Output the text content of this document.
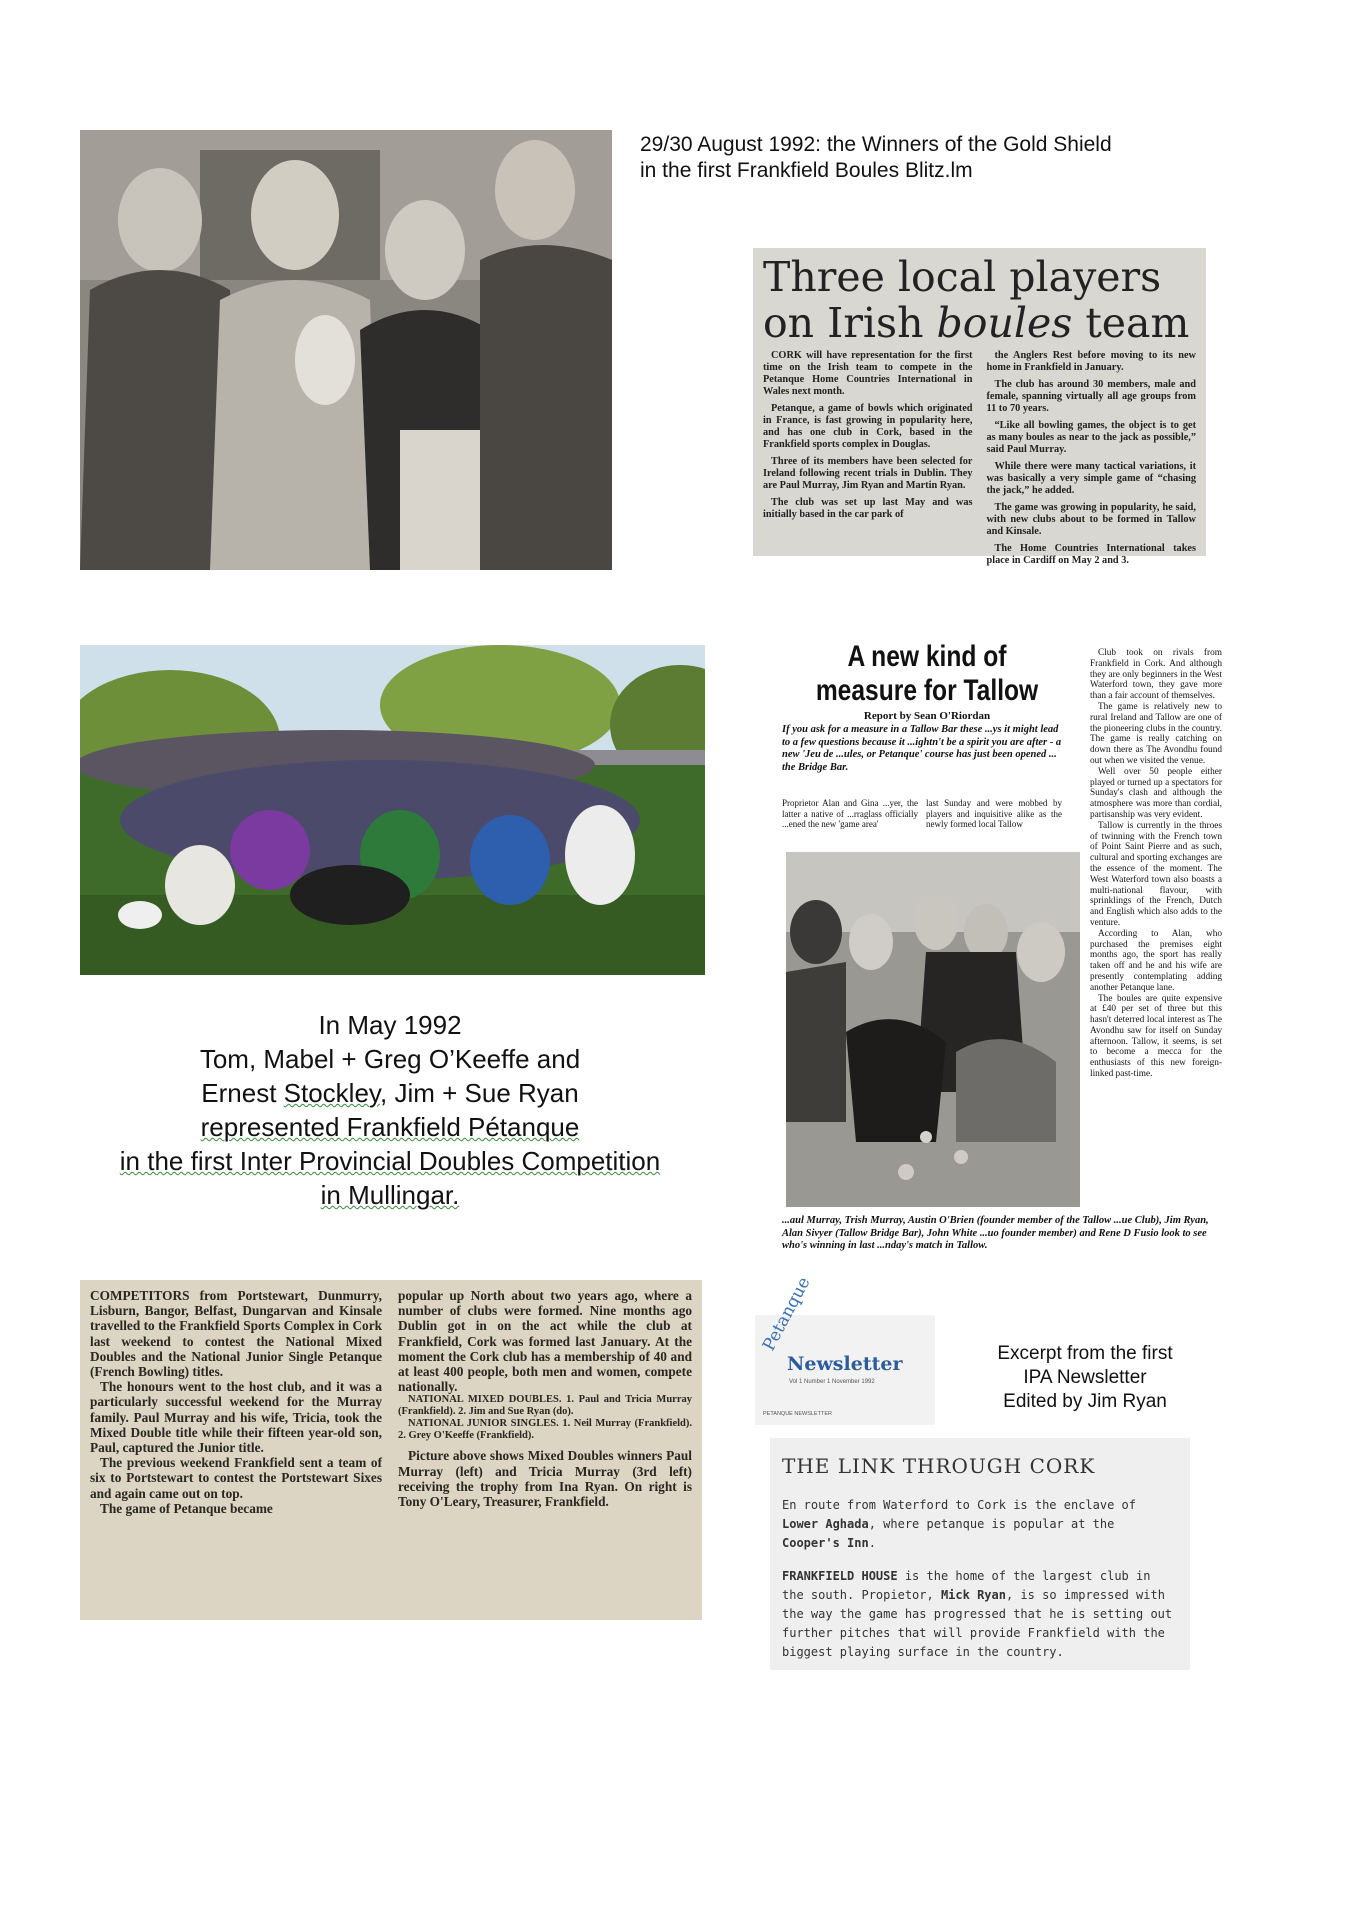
29/30 August 1992: the Winners of the Gold Shield
in the first Frankfield Boules Blitz.lm
Three local players
on Irish boules team

CORK will have representation for the first time on the Irish team to compete in the Petanque Home Countries International in Wales next month.

Petanque, a game of bowls which originated in France, is fast growing in popularity here, and has one club in Cork, based in the Frankfield sports complex in Douglas.

Three of its members have been selected for Ireland following recent trials in Dublin. They are Paul Murray, Jim Ryan and Martin Ryan.

The club was set up last May and was initially based in the car park of

the Anglers Rest before moving to its new home in Frankfield in January.

The club has around 30 members, male and female, spanning virtually all age groups from 11 to 70 years.

“Like all bowling games, the object is to get as many boules as near to the jack as possible,” said Paul Murray.

While there were many tactical variations, it was basically a very simple game of “chasing the jack,” he added.

The game was growing in popularity, he said, with new clubs about to be formed in Tallow and Kinsale.

The Home Countries International takes place in Cardiff on May 2 and 3.

A new kind of
measure for Tallow
Report by Sean O'Riordan
If you ask for a measure in a Tallow Bar these ...ys it might lead to a few questions because it ...ightn't be a spirit you are after - a new 'Jeu de ...ules, or Petanque' course has just been opened ... the Bridge Bar.
Proprietor Alan and Gina ...yer, the latter a native of ...rraglass officially ...ened the new 'game area'
last Sunday and were mobbed by players and inquisitive alike as the newly formed local Tallow

Club took on rivals from Frankfield in Cork. And although they are only beginners in the West Waterford town, they gave more than a fair account of themselves.

The game is relatively new to rural Ireland and Tallow are one of the pioneering clubs in the country. The game is really catching on down there as The Avondhu found out when we visited the venue.

Well over 50 people either played or turned up a spectators for Sunday's clash and although the atmosphere was more than cordial, partisanship was very evident.

Tallow is currently in the throes of twinning with the French town of Point Saint Pierre and as such, cultural and sporting exchanges are the essence of the moment. The West Waterford town also boasts a multi-national flavour, with sprinklings of the French, Dutch and English which also adds to the venture.

According to Alan, who purchased the premises eight months ago, the sport has really taken off and he and his wife are presently contemplating adding another Petanque lane.

The boules are quite expensive at £40 per set of three but this hasn't deterred local interest as The Avondhu saw for itself on Sunday afternoon. Tallow, it seems, is set to become a mecca for the enthusiasts of this new foreign-linked past-time.

...aul Murray, Trish Murray, Austin O'Brien (founder member of the Tallow ...ue Club), Jim Ryan, Alan Sivyer (Tallow Bridge Bar), John White ...uo founder member) and Rene D Fusio look to see who's winning in last ...nday's match in Tallow.
In May 1992
Tom, Mabel + Greg O’Keeffe and
Ernest Stockley, Jim + Sue Ryan
represented Frankfield Pétanque
in the first Inter Provincial Doubles Competition
in Mullingar.

COMPETITORS from Portstewart, Dunmurry, Lisburn, Bangor, Belfast, Dungarvan and Kinsale travelled to the Frankfield Sports Complex in Cork last weekend to contest the National Mixed Doubles and the National Junior Single Petanque (French Bowling) titles.

The honours went to the host club, and it was a particularly successful weekend for the Murray family. Paul Murray and his wife, Tricia, took the Mixed Double title while their fifteen year-old son, Paul, captured the Junior title.

The previous weekend Frankfield sent a team of six to Portstewart to contest the Portstewart Sixes and again came out on top.

The game of Petanque became

popular up North about two years ago, where a number of clubs were formed. Nine months ago Dublin got in on the act while the club at Frankfield, Cork was formed last January. At the moment the Cork club has a membership of 40 and at least 400 people, both men and women, compete nationally.

NATIONAL MIXED DOUBLES. 1. Paul and Tricia Murray (Frankfield). 2. Jim and Sue Ryan (do).

NATIONAL JUNIOR SINGLES. 1. Neil Murray (Frankfield). 2. Grey O'Keeffe (Frankfield).

Picture above shows Mixed Doubles winners Paul Murray (left) and Tricia Murray (3rd left) receiving the trophy from Ina Ryan. On right is Tony O'Leary, Treasurer, Frankfield.

Petanque
Newsletter
Vol 1 Number 1 November 1992
PETANQUE NEWSLETTER
Excerpt from the first
IPA Newsletter
Edited by Jim Ryan
THE LINK THROUGH CORK

En route from Waterford to Cork is the enclave of Lower Aghada, where petanque is popular at the Cooper's Inn.

FRANKFIELD HOUSE is the home of the largest club in the south. Propietor, Mick Ryan, is so impressed with the way the game has progressed that he is setting out further pitches that will provide Frankfield with the biggest playing surface in the country.
